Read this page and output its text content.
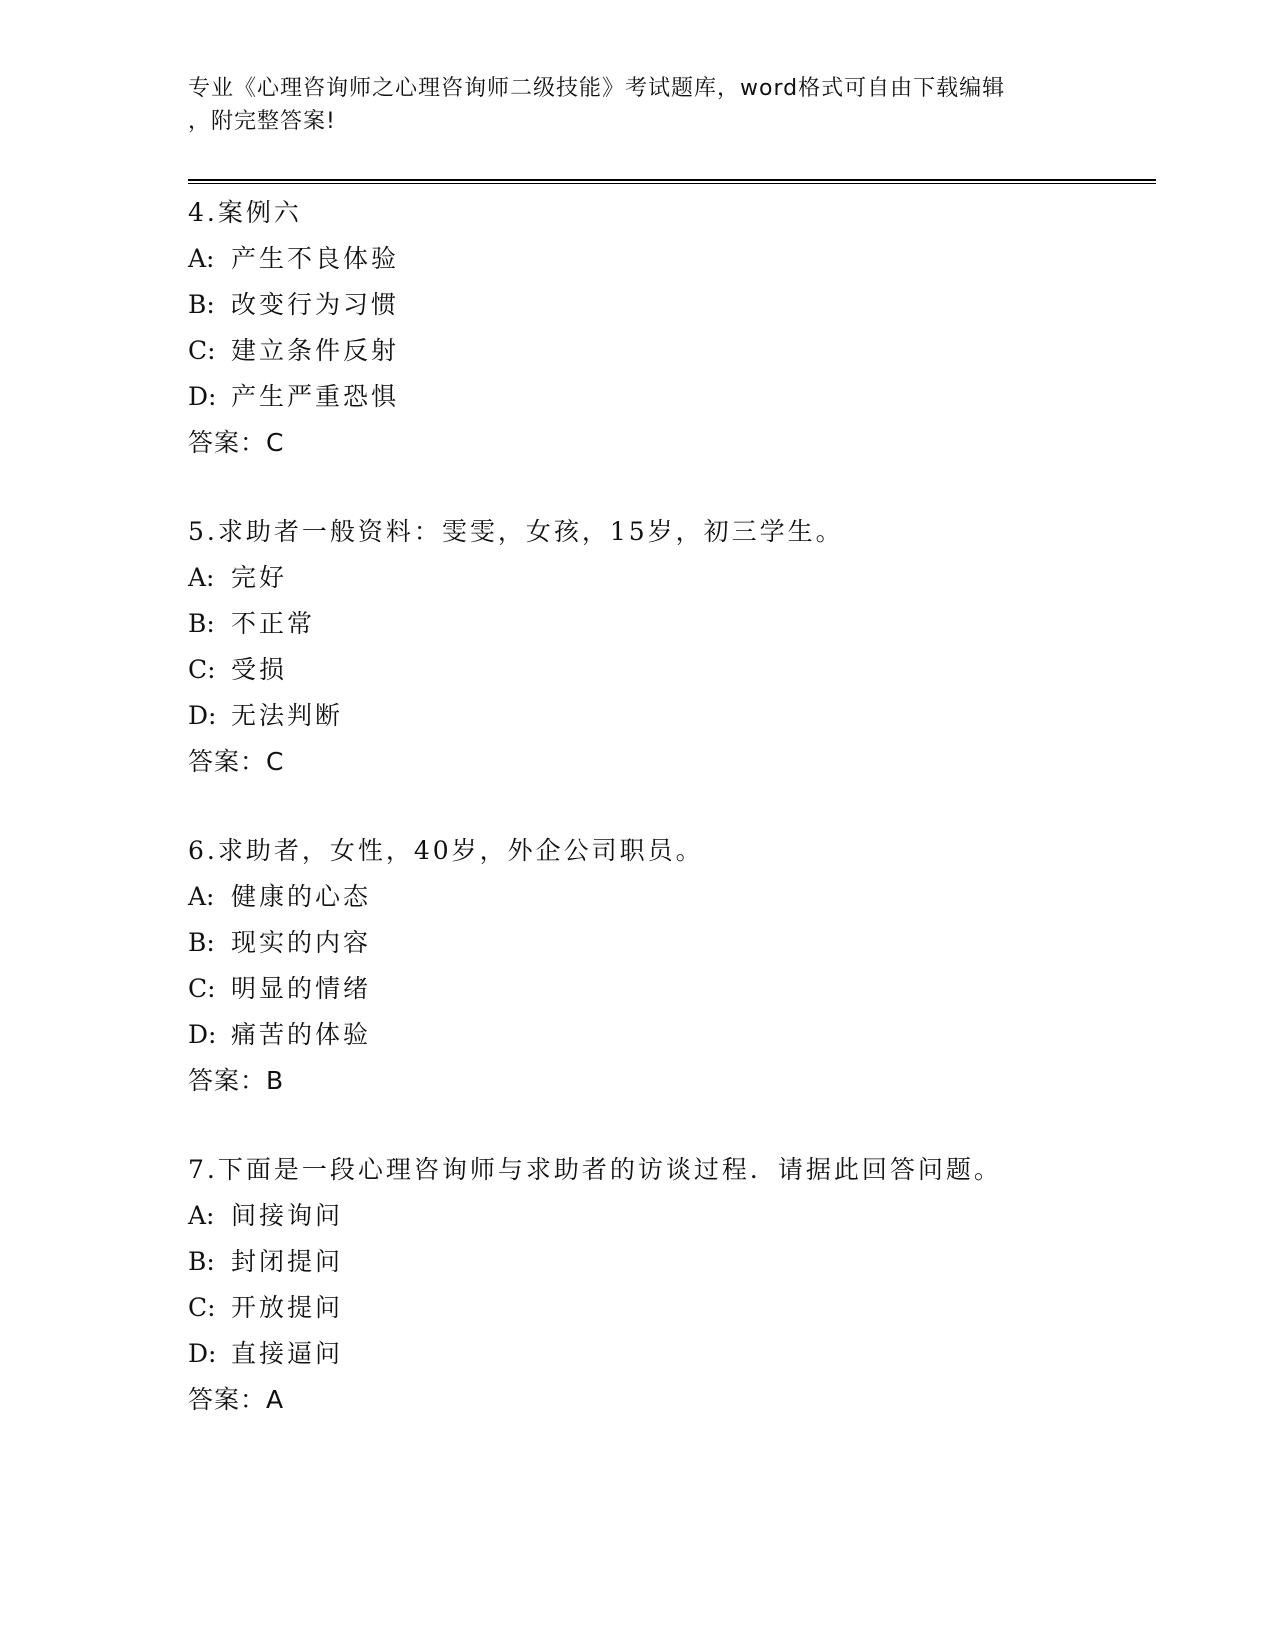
专业《心理咨询师之心理咨询师二级技能》考试题库，word格式可自由下载编辑
，附完整答案!
4.案例六
A: 产生不良体验
B: 改变行为习惯
C: 建立条件反射
D: 产生严重恐惧
答案：C
5.求助者一般资料：雯雯，女孩，15岁，初三学生。
A: 完好
B: 不正常
C: 受损
D: 无法判断
答案：C
6.求助者，女性，40岁，外企公司职员。
A: 健康的心态
B: 现实的内容
C: 明显的情绪
D: 痛苦的体验
答案：B
7.下面是一段心理咨询师与求助者的访谈过程．请据此回答问题。
A: 间接询问
B: 封闭提问
C: 开放提问
D: 直接逼问
答案：A
